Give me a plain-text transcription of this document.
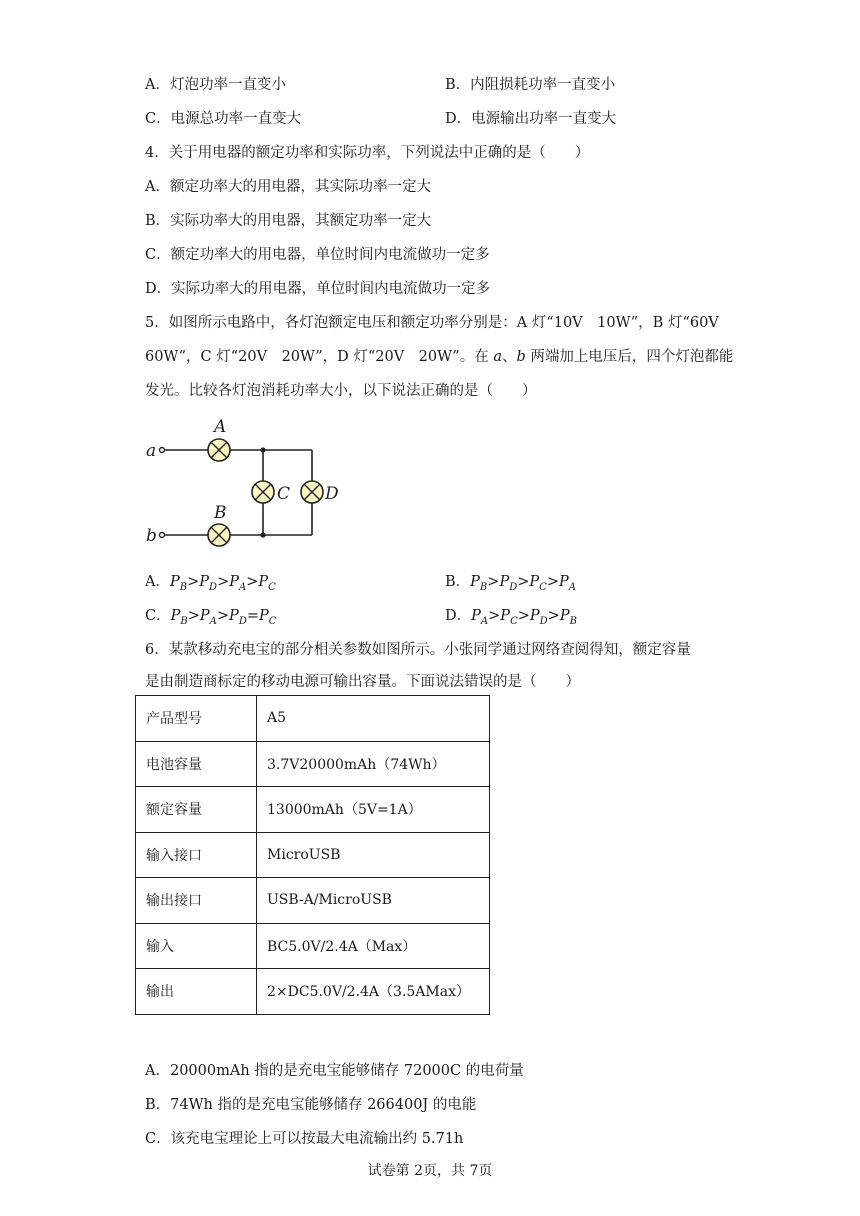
A．灯泡功率一直变小	B．内阻损耗功率一直变小
C．电源总功率一直变大	D．电源输出功率一直变大
4．关于用电器的额定功率和实际功率，下列说法中正确的是（　　）
A．额定功率大的用电器，其实际功率一定大
B．实际功率大的用电器，其额定功率一定大
C．额定功率大的用电器，单位时间内电流做功一定多
D．实际功率大的用电器，单位时间内电流做功一定多
5．如图所示电路中，各灯泡额定电压和额定功率分别是：A 灯“10V　10W”，B 灯“60V
60W”，C 灯“20V　20W”，D 灯“20V　20W”。在 a、b 两端加上电压后，四个灯泡都能
发光。比较各灯泡消耗功率大小，以下说法正确的是（　　）
A
B
C D
a
b
A．$P_B>P_D>P_A>P_C$	B．$P_B>P_D>P_C>P_A$
C．$P_B>P_A>P_D=P_C$	D．$P_A>P_C>P_D>P_B$
6．某款移动充电宝的部分相关参数如图所示。小张同学通过网络查阅得知，额定容量
是由制造商标定的移动电源可输出容量。下面说法错误的是（　　）
产品型号	A5
电池容量	3.7V20000mAh（74Wh）
额定容量	13000mAh（5V=1A）
输入接口	MicroUSB
输出接口	USB-A/MicroUSB
输入	BC5.0V/2.4A（Max）
输出	2×DC5.0V/2.4A（3.5AMax）
A．20000mAh 指的是充电宝能够储存 72000C 的电荷量
B．74Wh 指的是充电宝能够储存 266400J 的电能
C．该充电宝理论上可以按最大电流输出约 5.71h
试卷第 2页，共 7页
